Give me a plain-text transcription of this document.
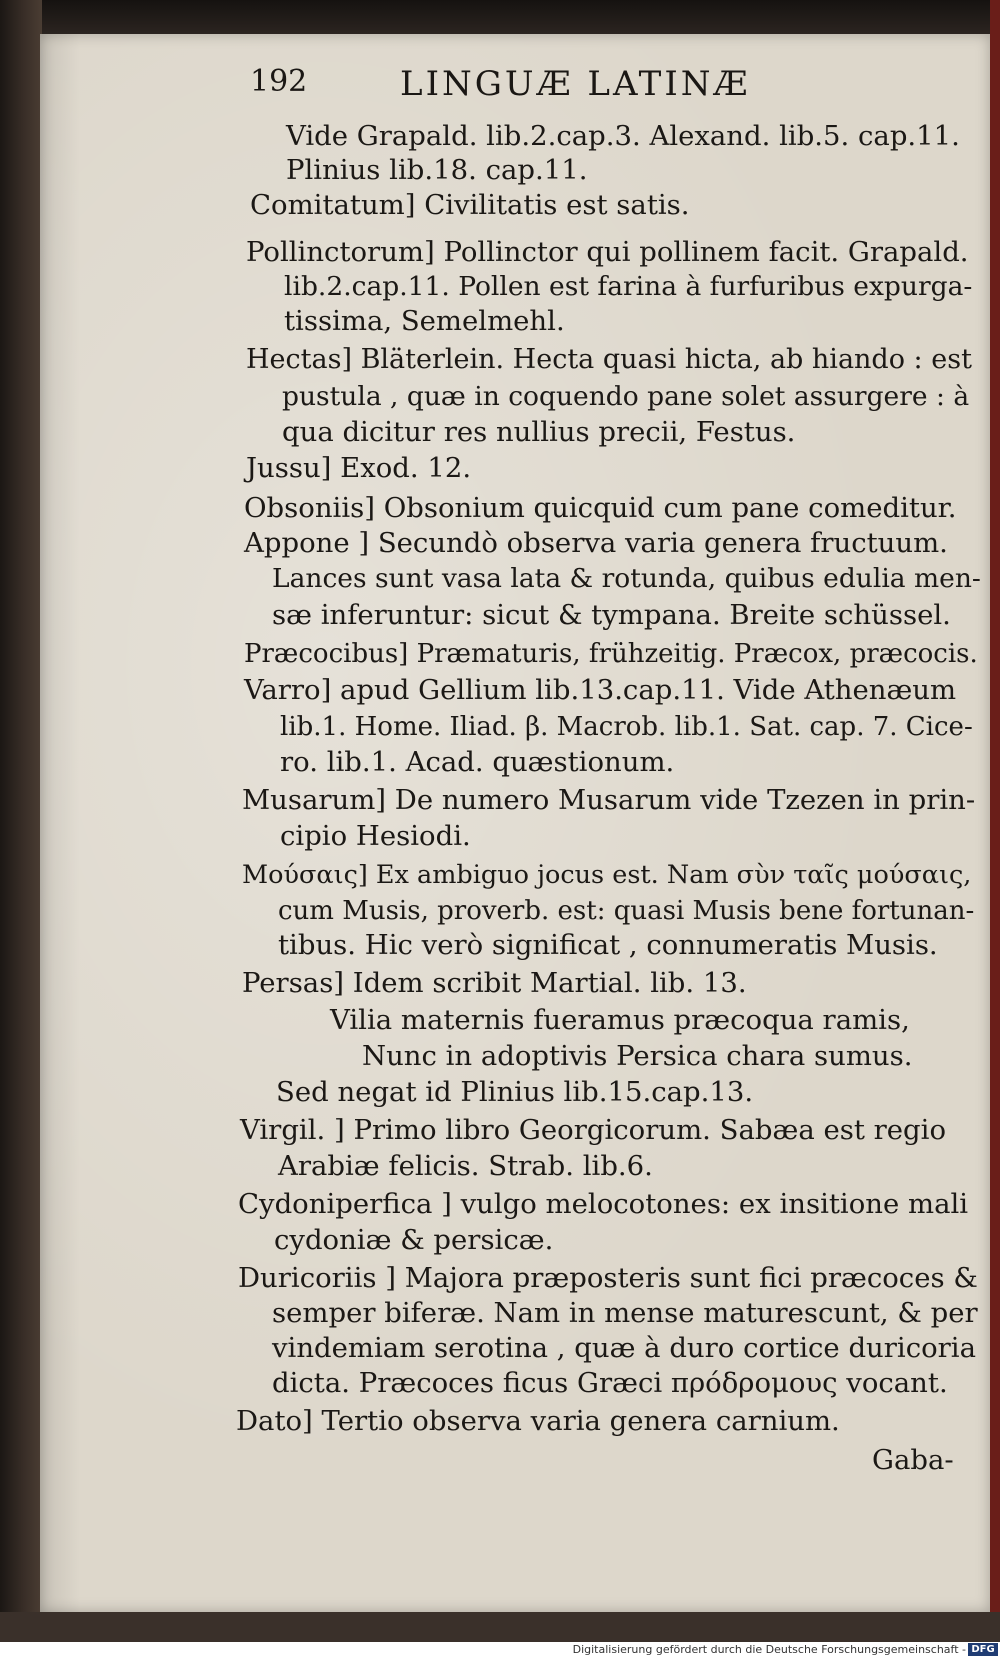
192	LINGUÆ LATINÆ
Vide Grapald. lib.2.cap.3. Alexand. lib.5. cap.11.
Plinius lib.18. cap.11.
Comitatum] Civilitatis est satis.
Pollinctorum] Pollinctor qui pollinem facit. Grapald.
lib.2.cap.11. Pollen est farina à furfuribus expurga-
tissima, Semelmehl.
Hectas] Bläterlein. Hecta quasi hicta, ab hiando : est
pustula , quæ in coquendo pane solet assurgere : à
qua dicitur res nullius precii, Festus.
Jussu] Exod. 12.
Obsoniis] Obsonium quicquid cum pane comeditur.
Appone ] Secundò observa varia genera fructuum.
Lances sunt vasa lata & rotunda, quibus edulia men-
sæ inferuntur: sicut & tympana. Breite schüssel.
Præcocibus] Præmaturis, frühzeitig. Præcox, præcocis.
Varro] apud Gellium lib.13.cap.11. Vide Athenæum
lib.1. Home. Iliad. β. Macrob. lib.1. Sat. cap. 7. Cice-
ro. lib.1. Acad. quæstionum.
Musarum] De numero Musarum vide Tzezen in prin-
cipio Hesiodi.
Μούσαις] Ex ambiguo jocus est. Nam σὺν ταῖς μούσαις,
cum Musis, proverb. est: quasi Musis bene fortunan-
tibus. Hic verò significat , connumeratis Musis.
Persas] Idem scribit Martial. lib. 13.
Vilia maternis fueramus præcoqua ramis,
Nunc in adoptivis Persica chara sumus.
Sed negat id Plinius lib.15.cap.13.
Virgil. ] Primo libro Georgicorum. Sabæa est regio
Arabiæ felicis. Strab. lib.6.
Cydoniperfica ] vulgo melocotones: ex insitione mali
cydoniæ & persicæ.
Duricoriis ] Majora præposteris sunt fici præcoces &
semper biferæ. Nam in mense maturescunt, & per
vindemiam serotina , quæ à duro cortice duricoria
dicta. Præcoces ficus Græci πρόδρομους vocant.
Dato] Tertio observa varia genera carnium.
Gaba-
Digitalisierung gefördert durch die Deutsche Forschungsgemeinschaft - DFG
